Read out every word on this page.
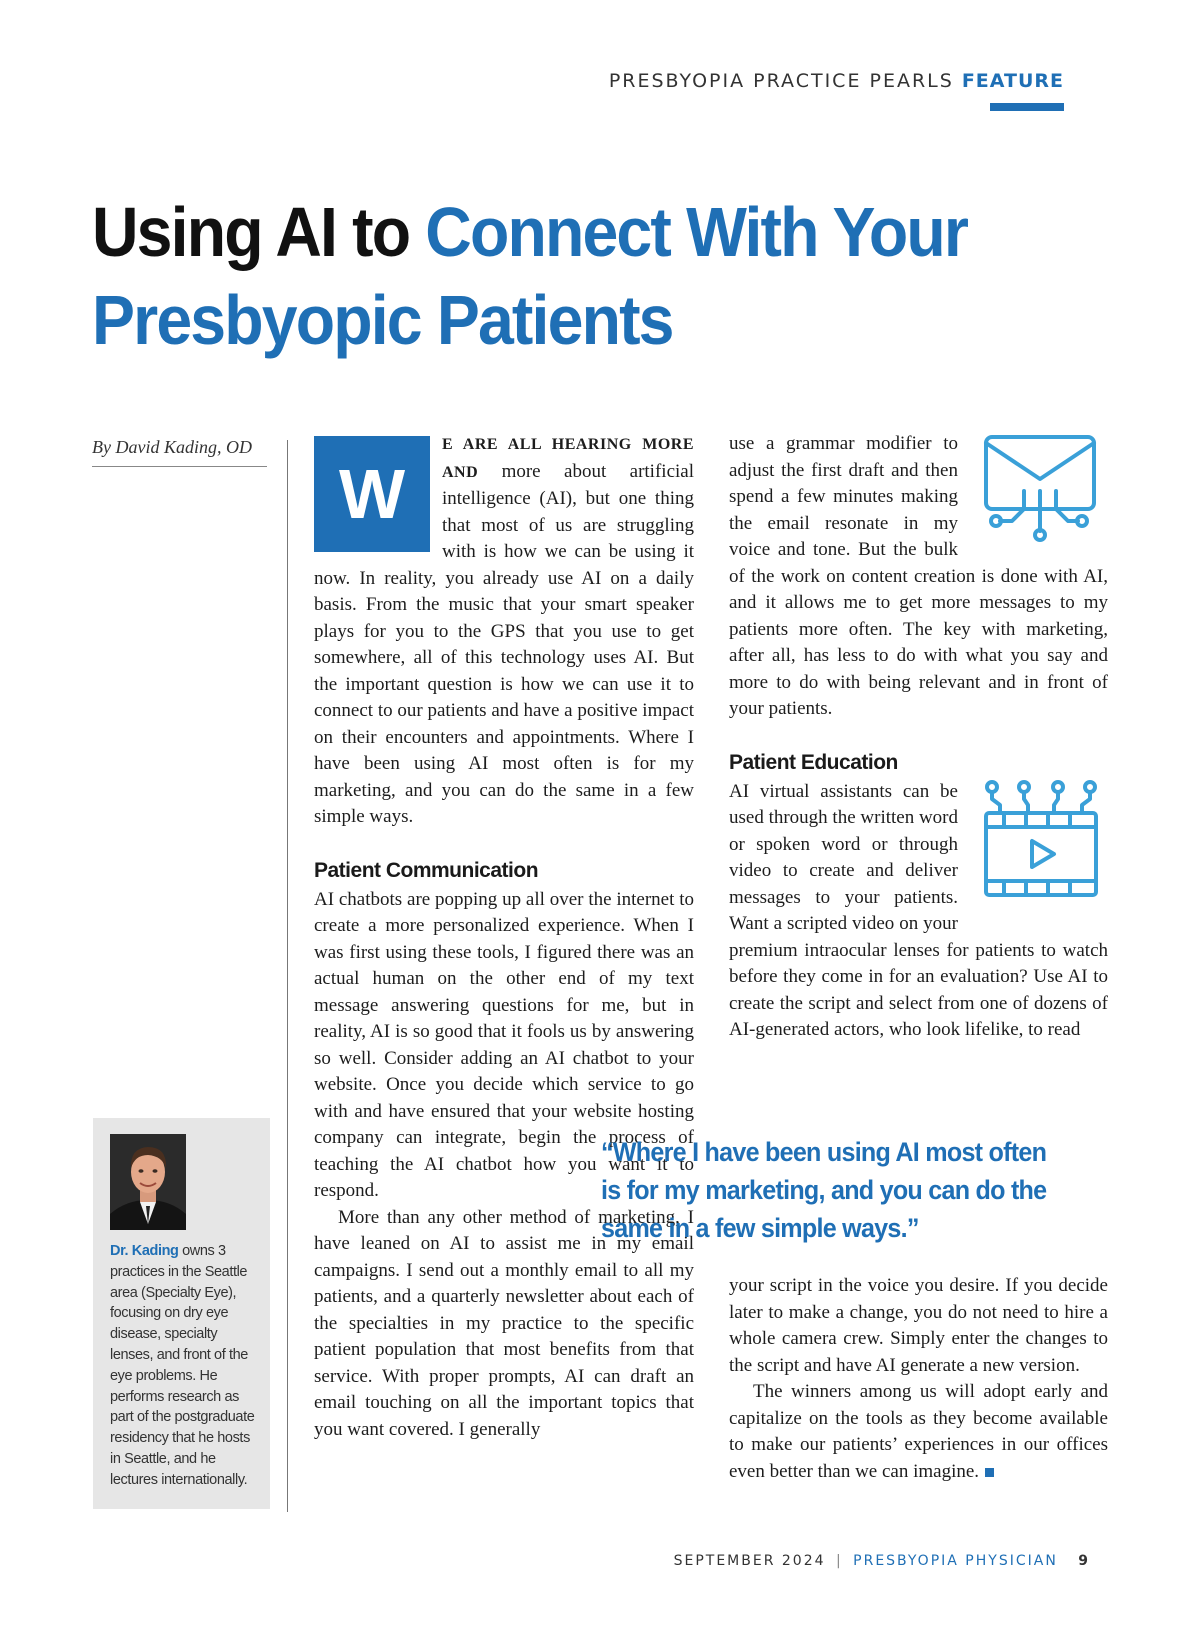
PRESBYOPIA PRACTICE PEARLS FEATURE
Using AI to Connect With Your
Presbyopic Patients
By David Kading, OD

W
E ARE ALL HEARING MORE AND more about artificial intelligence (AI), but one thing that most of us are struggling with is how we can be using it now. In reality, you already use AI on a daily basis. From the music that your smart speaker plays for you to the GPS that you use to get somewhere, all of this technology uses AI. But the important question is how we can use it to connect to our patients and have a positive impact on their encounters and appointments. Where I have been using AI most often is for my marketing, and you can do the same in a few simple ways.

Patient Communication

AI chatbots are popping up all over the internet to create a more personalized experience. When I was first using these tools, I figured there was an actual human on the other end of my text message answering questions for me, but in reality, AI is so good that it fools us by answering so well. Consider adding an AI chatbot to your website. Once you decide which service to go with and have ensured that your website hosting company can integrate, begin the process of teaching the AI chatbot how you want it to respond.

More than any other method of marketing, I have leaned on AI to assist me in my email campaigns. I send out a monthly email to all my patients, and a quarterly newsletter about each of the specialties in my practice to the specific patient population that most benefits from that service. With proper prompts, AI can draft an email touching on all the important topics that you want covered. I generally

use a grammar modifier to adjust the first draft and then spend a few minutes making the email resonate in my voice and tone. But the bulk of the work on content creation is done with AI, and it allows me to get more messages to my patients more often. The key with marketing, after all, has less to do with what you say and more to do with being relevant and in front of your patients.

Patient Education

AI virtual assistants can be used through the written word or spoken word or through video to create and deliver messages to your patients. Want a scripted video on your premium intraocular lenses for patients to watch before they come in for an evaluation? Use AI to create the script and select from one of dozens of AI-generated actors, who look lifelike, to read

your script in the voice you desire. If you decide later to make a change, you do not need to hire a whole camera crew. Simply enter the changes to the script and have AI generate a new version.

The winners among us will adopt early and capitalize on the tools as they become available to make our patients’ experiences in our offices even better than we can imagine.

“Where I have been using AI most often is for my marketing, and you can do the same in a few simple ways.”
Dr. Kading owns 3 practices in the Seattle area (Specialty Eye), focusing on dry eye disease, specialty lenses, and front of the eye problems. He performs research as part of the postgraduate residency that he hosts in Seattle, and he lectures internationally.
SEPTEMBER 2024 | PRESBYOPIA PHYSICIAN 9
